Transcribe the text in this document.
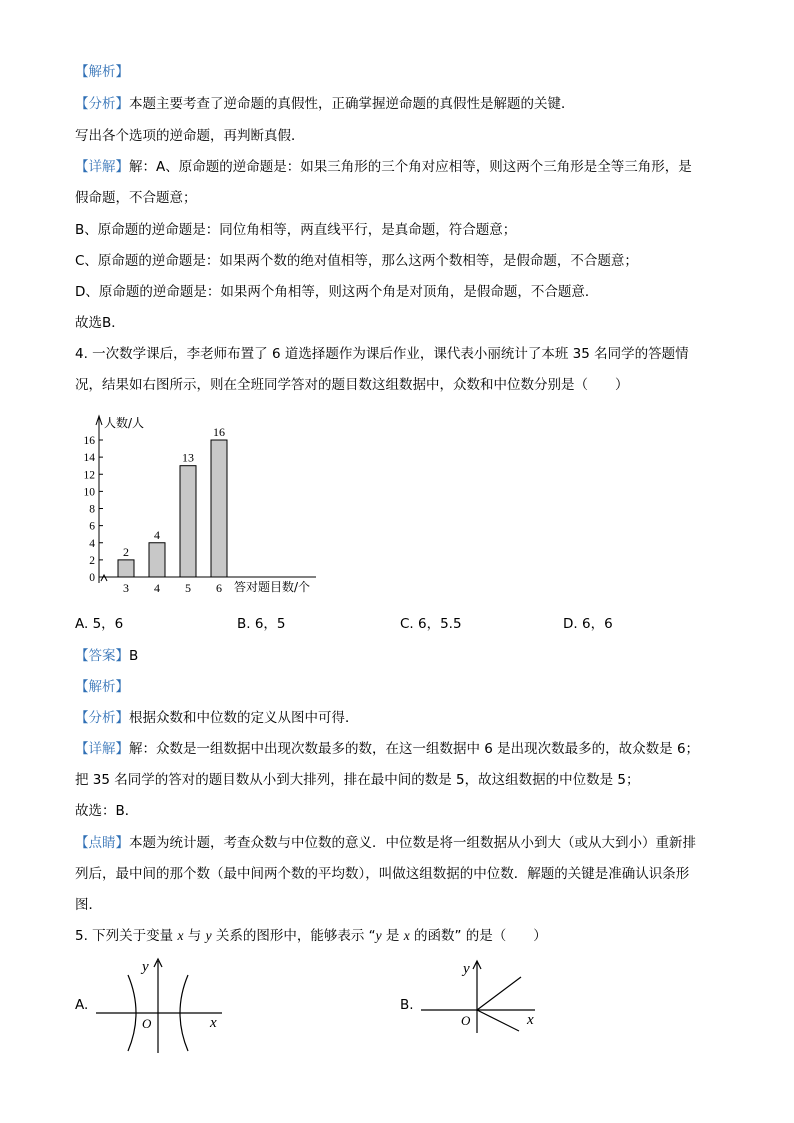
【解析】
【分析】本题主要考查了逆命题的真假性，正确掌握逆命题的真假性是解题的关键．
写出各个选项的逆命题，再判断真假．
【详解】解：A、原命题的逆命题是：如果三角形的三个角对应相等，则这两个三角形是全等三角形，是
假命题，不合题意；
B、原命题的逆命题是：同位角相等，两直线平行，是真命题，符合题意；
C、原命题的逆命题是：如果两个数的绝对值相等，那么这两个数相等，是假命题，不合题意；
D、原命题的逆命题是：如果两个角相等，则这两个角是对顶角，是假命题，不合题意．
故选B．
4. 一次数学课后，李老师布置了 6 道选择题作为课后作业，课代表小丽统计了本班 35 名同学的答题情
况，结果如右图所示，则在全班同学答对的题目数这组数据中，众数和中位数分别是（　　）
0
2
4
6
8
10
12
14
16
人数/人
2
3
4
4
13
5
16
6 答对题目数/个
A. 5，6	B. 6，5	C. 6，5.5	D. 6，6
【答案】B
【解析】
【分析】根据众数和中位数的定义从图中可得．
【详解】解：众数是一组数据中出现次数最多的数，在这一组数据中 6 是出现次数最多的，故众数是 6；
把 35 名同学的答对的题目数从小到大排列，排在最中间的数是 5，故这组数据的中位数是 5；
故选：B．
【点睛】本题为统计题，考查众数与中位数的意义．中位数是将一组数据从小到大（或从大到小）重新排
列后，最中间的那个数（最中间两个数的平均数），叫做这组数据的中位数．解题的关键是准确认识条形
图．
5. 下列关于变量 x 与 y 关系的图形中，能够表示 “y 是 x 的函数” 的是（　　）
A.
y
x
O
B.
y
x
O
